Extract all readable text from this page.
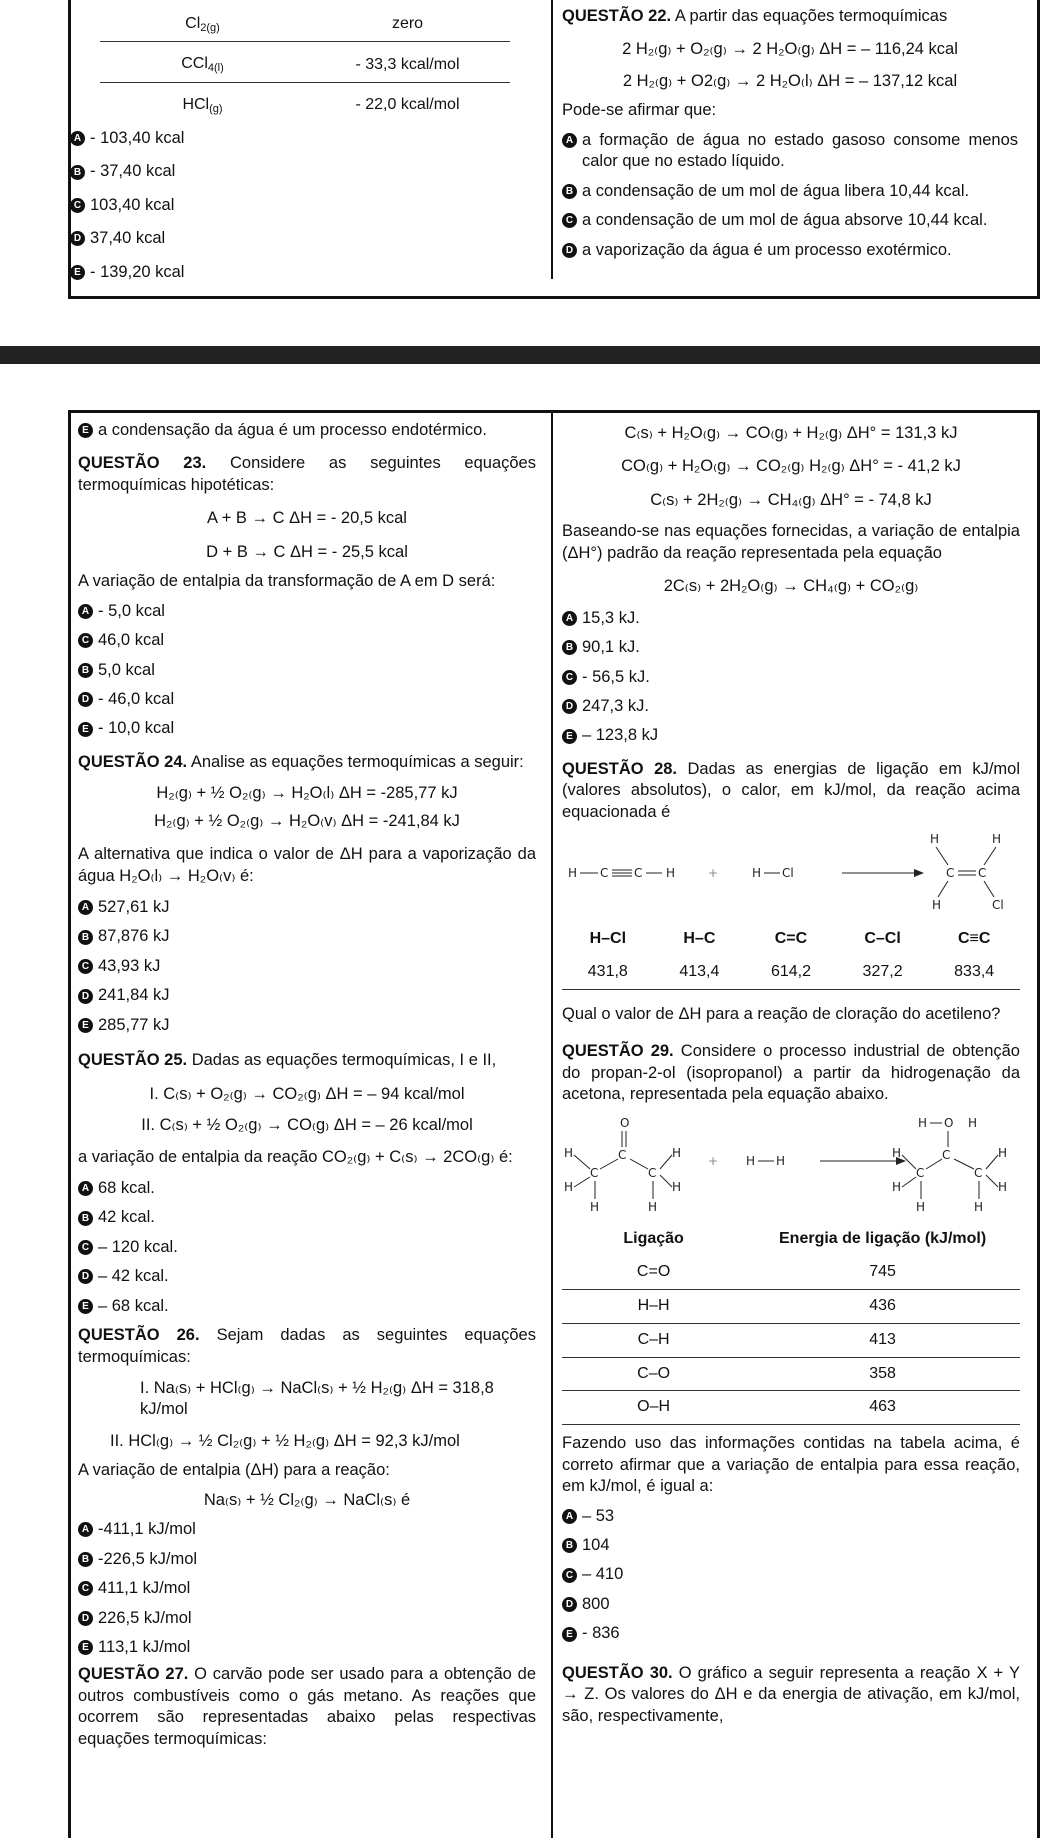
$Cl_{2(g)}$	zero
CCl$_{4(l)}$	- 33,3 kcal/mol
HCl$_{(g)}$	- 22,0 kcal/mol
A - 103,40 kcal
B - 37,40 kcal
C 103,40 kcal
D 37,40 kcal
E - 139,20 kcal
QUESTÃO 22. A partir das equações termoquímicas
2 H₂₍g₎ + O₂₍g₎ → 2 H₂O₍g₎ ΔH = – 116,24 kcal
2 H₂₍g₎ + O2₍g₎ → 2 H₂O₍l₎ ΔH = – 137,12 kcal
Pode-se afirmar que:
A a formação de água no estado gasoso consome menos calor que no estado líquido.
B a condensação de um mol de água libera 10,44 kcal.
C a condensação de um mol de água absorve 10,44 kcal.
D a vaporização da água é um processo exotérmico.
E a condensação da água é um processo endotérmico.
QUESTÃO 23. Considere as seguintes equações termoquímicas hipotéticas:
A + B → C ΔH = - 20,5 kcal
D + B → C ΔH = - 25,5 kcal
A variação de entalpia da transformação de A em D será:
A - 5,0 kcal
C 46,0 kcal
B 5,0 kcal
D - 46,0 kcal
E - 10,0 kcal
QUESTÃO 24. Analise as equações termoquímicas a seguir:
H₂₍g₎ + ½ O₂₍g₎ → H₂O₍l₎ ΔH = -285,77 kJ
H₂₍g₎ + ½ O₂₍g₎ → H₂O₍v₎ ΔH = -241,84 kJ
A alternativa que indica o valor de ΔH para a vaporização da água H₂O₍l₎ → H₂O₍v₎ é:
A 527,61 kJ
B 87,876 kJ
C 43,93 kJ
D 241,84 kJ
E 285,77 kJ
QUESTÃO 25. Dadas as equações termoquímicas, I e II,
I. C₍s₎ + O₂₍g₎ → CO₂₍g₎ ΔH = – 94 kcal/mol
II. C₍s₎ + ½ O₂₍g₎ → CO₍g₎ ΔH = – 26 kcal/mol
a variação de entalpia da reação CO₂₍g₎ + C₍s₎ → 2CO₍g₎ é:
A 68 kcal.
B 42 kcal.
C – 120 kcal.
D – 42 kcal.
E – 68 kcal.
QUESTÃO 26. Sejam dadas as seguintes equações termoquímicas:
I. Na₍s₎ + HCl₍g₎ → NaCl₍s₎ + ½ H₂₍g₎ ΔH = 318,8 kJ/mol
II. HCl₍g₎ → ½ Cl₂₍g₎ + ½ H₂₍g₎ ΔH = 92,3 kJ/mol
A variação de entalpia (ΔH) para a reação:
Na₍s₎ + ½ Cl₂₍g₎ → NaCl₍s₎ é
A -411,1 kJ/mol
B -226,5 kJ/mol
C 411,1 kJ/mol
D 226,5 kJ/mol
E 113,1 kJ/mol
QUESTÃO 27. O carvão pode ser usado para a obtenção de outros combustíveis como o gás metano. As reações que ocorrem são representadas abaixo pelas respectivas equações termoquímicas:
C₍s₎ + H₂O₍g₎ → CO₍g₎ + H₂₍g₎ ΔH° = 131,3 kJ
CO₍g₎ + H₂O₍g₎ → CO₂₍g₎ H₂₍g₎ ΔH° = - 41,2 kJ
C₍s₎ + 2H₂₍g₎ → CH₄₍g₎ ΔH° = - 74,8 kJ
Baseando-se nas equações fornecidas, a variação de entalpia (ΔH°) padrão da reação representada pela equação
2C₍s₎ + 2H₂O₍g₎ → CH₄₍g₎ + CO₂₍g₎
A 15,3 kJ.
B 90,1 kJ.
C - 56,5 kJ.
D 247,3 kJ.
E – 123,8 kJ
QUESTÃO 28. Dadas as energias de ligação em kJ/mol (valores absolutos), o calor, em kJ/mol, da reação acima equacionada é
H C C H	+	H Cl
H	H
C C
H	Cl
H–Cl	H–C	C=C	C–Cl	C≡C
431,8	413,4	614,2	327,2	833,4
Qual o valor de ΔH para a reação de cloração do acetileno?
QUESTÃO 29. Considere o processo industrial de obtenção do propan-2-ol (isopropanol) a partir da hidrogenação da acetona, representada pela equação abaixo.
O
C
C	C
H
H
H
H
H
H
+ H H
H O H
C
C	C
H
H
H
H
H
H
Ligação	Energia de ligação (kJ/mol)
C=O	745
H–H	436
C–H	413
C–O	358
O–H	463
Fazendo uso das informações contidas na tabela acima, é correto afirmar que a variação de entalpia para essa reação, em kJ/mol, é igual a:
A – 53
B 104
C – 410
D 800
E - 836
QUESTÃO 30. O gráfico a seguir representa a reação X + Y → Z. Os valores do ΔH e da energia de ativação, em kJ/mol, são, respectivamente,
